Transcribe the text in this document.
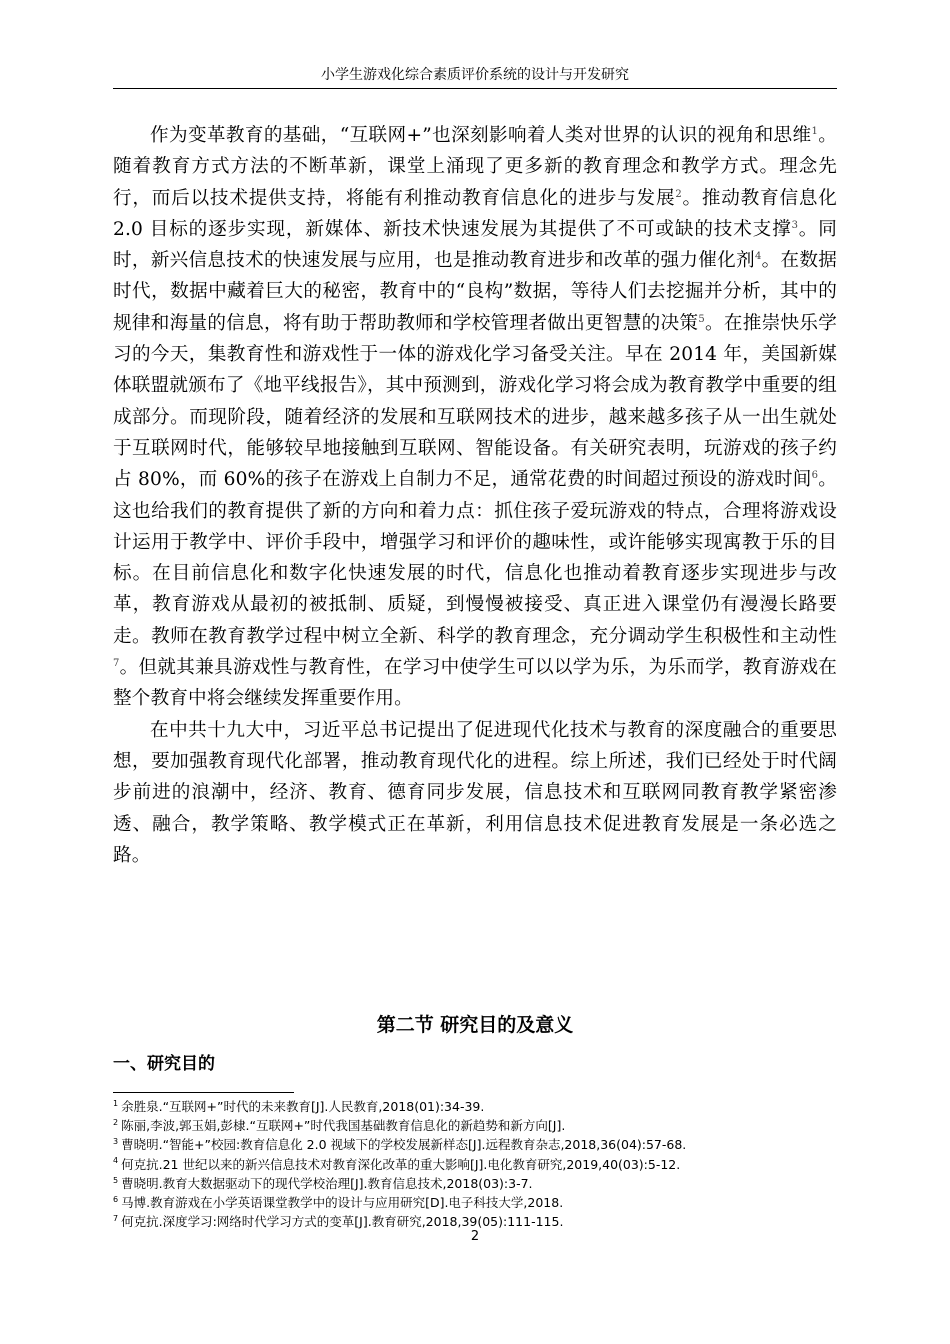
小学生游戏化综合素质评价系统的设计与开发研究

作为变革教育的基础，“互联网+”也深刻影响着人类对世界的认识的视角和思维$^1$。随着教育方式方法的不断革新，课堂上涌现了更多新的教育理念和教学方式。理念先行，而后以技术提供支持，将能有利推动教育信息化的进步与发展$^2$。推动教育信息化 2.0 目标的逐步实现，新媒体、新技术快速发展为其提供了不可或缺的技术支撑$^3$。同时，新兴信息技术的快速发展与应用，也是推动教育进步和改革的强力催化剂$^4$。在数据时代，数据中藏着巨大的秘密，教育中的“良构”数据，等待人们去挖掘并分析，其中的规律和海量的信息，将有助于帮助教师和学校管理者做出更智慧的决策$^5$。在推崇快乐学习的今天，集教育性和游戏性于一体的游戏化学习备受关注。早在 2014 年，美国新媒体联盟就颁布了《地平线报告》，其中预测到，游戏化学习将会成为教育教学中重要的组成部分。而现阶段，随着经济的发展和互联网技术的进步，越来越多孩子从一出生就处于互联网时代，能够较早地接触到互联网、智能设备。有关研究表明，玩游戏的孩子约占 80%，而 60%的孩子在游戏上自制力不足，通常花费的时间超过预设的游戏时间$^6$。这也给我们的教育提供了新的方向和着力点：抓住孩子爱玩游戏的特点，合理将游戏设计运用于教学中、评价手段中，增强学习和评价的趣味性，或许能够实现寓教于乐的目标。在目前信息化和数字化快速发展的时代，信息化也推动着教育逐步实现进步与改革，教育游戏从最初的被抵制、质疑，到慢慢被接受、真正进入课堂仍有漫漫长路要走。教师在教育教学过程中树立全新、科学的教育理念，充分调动学生积极性和主动性$^7$。但就其兼具游戏性与教育性，在学习中使学生可以以学为乐，为乐而学，教育游戏在整个教育中将会继续发挥重要作用。

在中共十九大中，习近平总书记提出了促进现代化技术与教育的深度融合的重要思想，要加强教育现代化部署，推动教育现代化的进程。综上所述，我们已经处于时代阔步前进的浪潮中，经济、教育、德育同步发展，信息技术和互联网同教育教学紧密渗透、融合，教学策略、教学模式正在革新，利用信息技术促进教育发展是一条必选之路。

第二节 研究目的及意义
一、研究目的
$^1$ 余胜泉.“互联网+”时代的未来教育[J].人民教育,2018(01):34-39.
$^2$ 陈丽,李波,郭玉娟,彭棣.“互联网+”时代我国基础教育信息化的新趋势和新方向[J].
$^3$ 曹晓明.“智能+”校园:教育信息化 2.0 视域下的学校发展新样态[J].远程教育杂志,2018,36(04):57-68.
$^4$ 何克抗.21 世纪以来的新兴信息技术对教育深化改革的重大影响[J].电化教育研究,2019,40(03):5-12.
$^5$ 曹晓明.教育大数据驱动下的现代学校治理[J].教育信息技术,2018(03):3-7.
$^6$ 马博.教育游戏在小学英语课堂教学中的设计与应用研究[D].电子科技大学,2018.
$^7$ 何克抗.深度学习:网络时代学习方式的变革[J].教育研究,2018,39(05):111-115.
2
